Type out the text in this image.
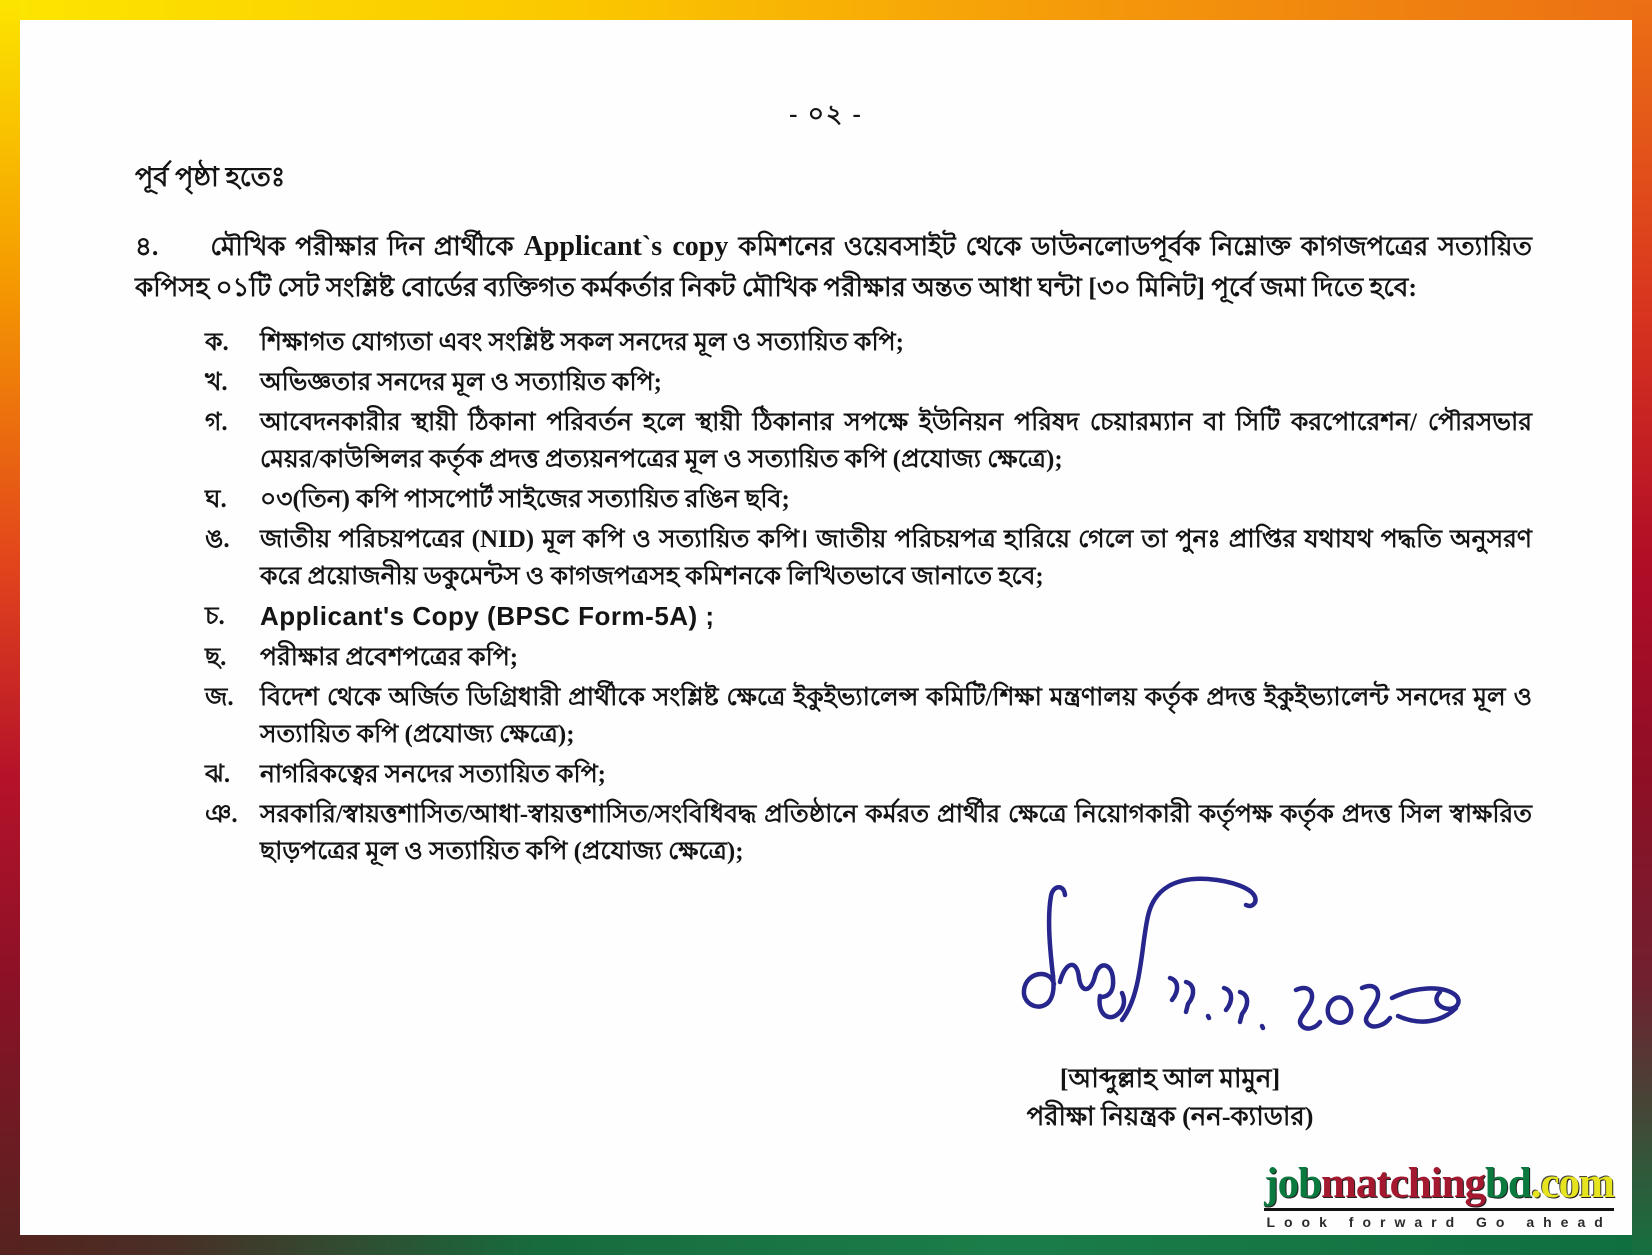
- ০২ -
পূর্ব পৃষ্ঠা হতেঃ

৪. মৌখিক পরীক্ষার দিন প্রার্থীকে Applicant`s copy কমিশনের ওয়েবসাইট থেকে ডাউনলোডপূর্বক নিম্নোক্ত কাগজপত্রের সত্যায়িত কপিসহ ০১টি সেট সংশ্লিষ্ট বোর্ডের ব্যক্তিগত কর্মকর্তার নিকট মৌখিক পরীক্ষার অন্তত আধা ঘন্টা [৩০ মিনিট] পূর্বে জমা দিতে হবে:

ক. শিক্ষাগত যোগ্যতা এবং সংশ্লিষ্ট সকল সনদের মূল ও সত্যায়িত কপি;
খ. অভিজ্ঞতার সনদের মূল ও সত্যায়িত কপি;
গ. আবেদনকারীর স্থায়ী ঠিকানা পরিবর্তন হলে স্থায়ী ঠিকানার সপক্ষে ইউনিয়ন পরিষদ চেয়ারম্যান বা সিটি করপোরেশন/ পৌরসভার মেয়র/কাউন্সিলর কর্তৃক প্রদত্ত প্রত্যয়নপত্রের মূল ও সত্যায়িত কপি (প্রযোজ্য ক্ষেত্রে);
ঘ. ০৩(তিন) কপি পাসপোর্ট সাইজের সত্যায়িত রঙিন ছবি;
ঙ. জাতীয় পরিচয়পত্রের (NID) মূল কপি ও সত্যায়িত কপি। জাতীয় পরিচয়পত্র হারিয়ে গেলে তা পুনঃ প্রাপ্তির যথাযথ পদ্ধতি অনুসরণ করে প্রয়োজনীয় ডকুমেন্টস ও কাগজপত্রসহ কমিশনকে লিখিতভাবে জানাতে হবে;
চ. Applicant's Copy (BPSC Form-5A) ;
ছ. পরীক্ষার প্রবেশপত্রের কপি;
জ. বিদেশ থেকে অর্জিত ডিগ্রিধারী প্রার্থীকে সংশ্লিষ্ট ক্ষেত্রে ইকুইভ্যালেন্স কমিটি/শিক্ষা মন্ত্রণালয় কর্তৃক প্রদত্ত ইকুইভ্যালেন্ট সনদের মূল ও সত্যায়িত কপি (প্রযোজ্য ক্ষেত্রে);
ঝ. নাগরিকত্বের সনদের সত্যায়িত কপি;
ঞ. সরকারি/স্বায়ত্তশাসিত/আধা-স্বায়ত্তশাসিত/সংবিধিবদ্ধ প্রতিষ্ঠানে কর্মরত প্রার্থীর ক্ষেত্রে নিয়োগকারী কর্তৃপক্ষ কর্তৃক প্রদত্ত সিল স্বাক্ষরিত ছাড়পত্রের মূল ও সত্যায়িত কপি (প্রযোজ্য ক্ষেত্রে);
[আব্দুল্লাহ আল মামুন]
পরীক্ষা নিয়ন্ত্রক (নন-ক্যাডার)
jobmatchingbd.com
Look forward Go ahead
